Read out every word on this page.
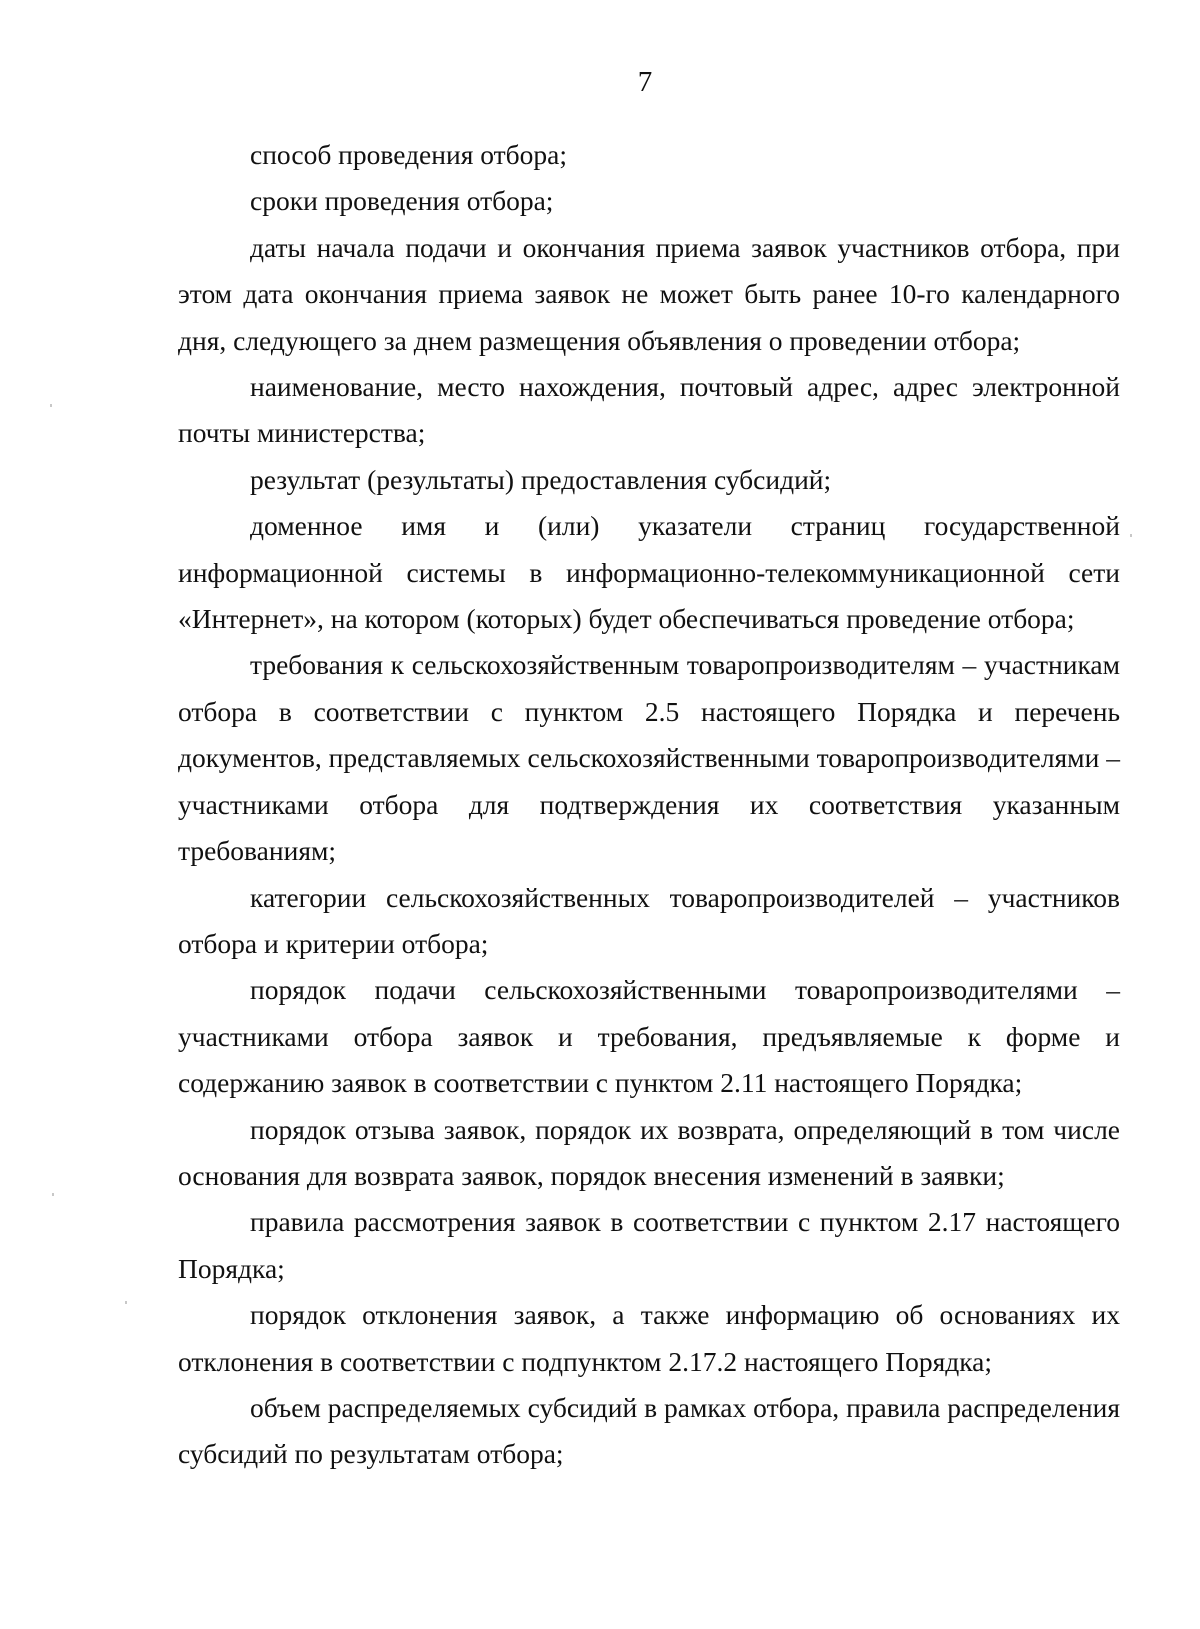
7

способ проведения отбора;

сроки проведения отбора;

даты начала подачи и окончания приема заявок участников отбора, при этом дата окончания приема заявок не может быть ранее 10-го календарного дня, следующего за днем размещения объявления о проведении отбора;

наименование, место нахождения, почтовый адрес, адрес электронной почты министерства;

результат (результаты) предоставления субсидий;

доменное имя и (или) указатели страниц государственной информационной системы в информационно-телекоммуникационной сети «Интернет», на котором (которых) будет обеспечиваться проведение отбора;

требования к сельскохозяйственным товаропроизводителям – участникам отбора в соответствии с пунктом 2.5 настоящего Порядка и перечень документов, представляемых сельскохозяйственными товаропроизводителями – участниками отбора для подтверждения их соответствия указанным требованиям;

категории сельскохозяйственных товаропроизводителей – участников отбора и критерии отбора;

порядок подачи сельскохозяйственными товаропроизводителями – участниками отбора заявок и требования, предъявляемые к форме и содержанию заявок в соответствии с пунктом 2.11 настоящего Порядка;

порядок отзыва заявок, порядок их возврата, определяющий в том числе основания для возврата заявок, порядок внесения изменений в заявки;

правила рассмотрения заявок в соответствии с пунктом 2.17 настоящего Порядка;

порядок отклонения заявок, а также информацию об основаниях их отклонения в соответствии с подпунктом 2.17.2 настоящего Порядка;

объем распределяемых субсидий в рамках отбора, правила распределения субсидий по результатам отбора;
